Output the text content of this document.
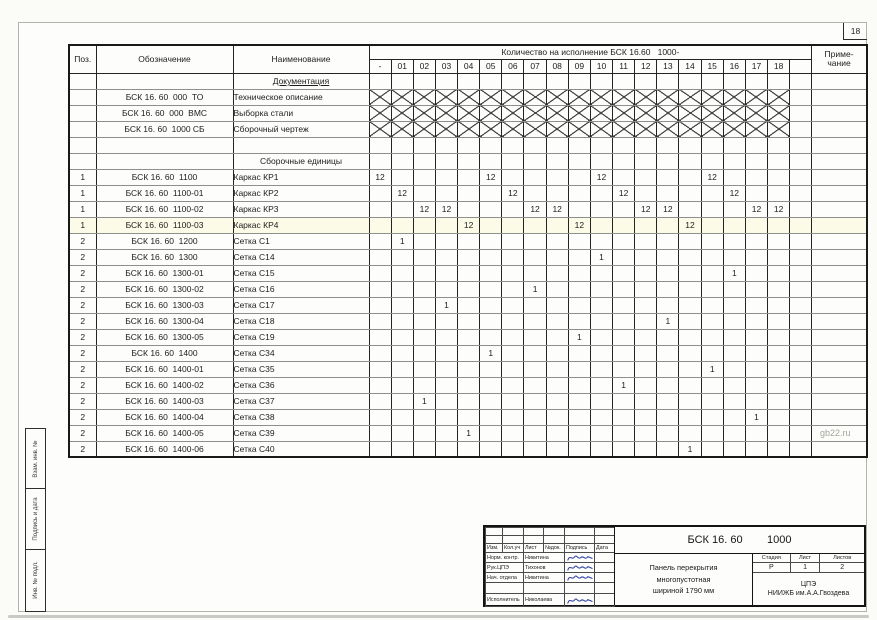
18
Поз.	Обозначение	Наименование	Количество на исполнение БСК 16.60   1000-																				Приме-
чание

			-	01	02	03	04	05	06	07	08	09	10	11	12	13	14	15	16	17	18		
		Документация																					
	БСК 16. 60  000  ТО	Техническое описание																					
	БСК 16. 60  000  ВМС	Выборка стали																					
	БСК 16. 60  1000 СБ	Сборочный чертеж																					

		Сборочные единицы																					
1	БСК 16. 60  1100	Каркас КР1	12					12					12					12					
1	БСК 16. 60  1100-01	Каркас КР2		12					12					12					12				
1	БСК 16. 60  1100-02	Каркас КР3			12	12				12	12				12	12				12	12		
1	БСК 16. 60  1100-03	Каркас КР4					12					12					12						
2	БСК 16. 60  1200	Сетка С1		1																			
2	БСК 16. 60  1300	Сетка С14											1										
2	БСК 16. 60  1300-01	Сетка С15																	1				
2	БСК 16. 60  1300-02	Сетка С16								1													
2	БСК 16. 60  1300-03	Сетка С17				1																	
2	БСК 16. 60  1300-04	Сетка С18														1							
2	БСК 16. 60  1300-05	Сетка С19										1											
2	БСК 16. 60  1400	Сетка С34						1															
2	БСК 16. 60  1400-01	Сетка С35																1					
2	БСК 16. 60  1400-02	Сетка С36												1									
2	БСК 16. 60  1400-03	Сетка С37			1																		
2	БСК 16. 60  1400-04	Сетка С38																		1			
2	БСК 16. 60  1400-05	Сетка С39					1																
2	БСК 16. 60  1400-06	Сетка С40															1						
gb22.ru
Взам. инв. №
Подпись и дата
Инв. № подл.

Изм.	Кол.уч	Лист	№док.	Подпись	Дата
Норм. контр.		Никитина	

Рук.ЦПЭ		Тихонов	

Нач. отдела		Никитина	

Исполнитель		Николаева	

БСК 16. 60        1000
Панель перекрытия
многопустотная
шириной 1790 мм
Стадия	Лист	Листов
Р	1	2
ЦПЭ
НИИЖБ им.А.А.Гвоздева
